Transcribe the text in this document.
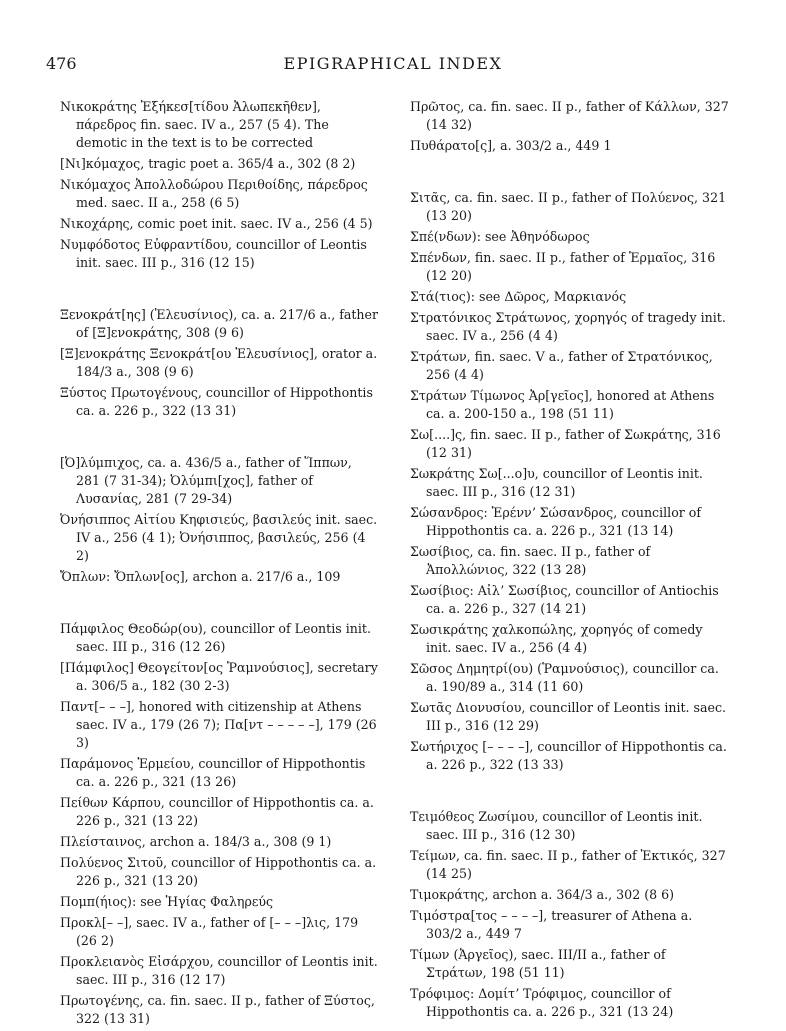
476	EPIGRAPHICAL INDEX

Νικοκράτης Ἐξήκεσ[τίδου Ἀλωπεκῆθεν], πάρεδρος fin. saec. IV a., 257 (5 4). The demotic in the text is to be corrected

[Νι]κόμαχος, tragic poet a. 365/4 a., 302 (8 2)

Νικόμαχος Ἀπολλοδώρου Περιθοίδης, πάρεδρος med. saec. II a., 258 (6 5)

Νικοχάρης, comic poet init. saec. IV a., 256 (4 5)

Νυμφόδοτος Εὐφραντίδου, councillor of Leontis init. saec. III p., 316 (12 15)

Ξενοκράτ[ης] (Ἐλευσίνιος), ca. a. 217/6 a., father of [Ξ]ενοκράτης, 308 (9 6)

[Ξ]ενοκράτης Ξενοκράτ[ου Ἐλευσίνιος], orator a. 184/3 a., 308 (9 6)

Ξύστος Πρωτογένους, councillor of Hippothontis ca. a. 226 p., 322 (13 31)

[Ὀ]λύμπιχος, ca. a. 436/5 a., father of Ἵππων, 281 (7 31-34); Ὀλύμπι[χος], father of Λυσανίας, 281 (7 29-34)

Ὀνήσιππος Αἰτίου Κηφισιεύς, βασιλεύς init. saec. IV a., 256 (4 1); Ὀνήσιππος, βασιλεύς, 256 (4 2)

Ὄπλων: Ὄπλων[ος], archon a. 217/6 a., 109

Πάμφιλος Θεοδώρ(ου), councillor of Leontis init. saec. III p., 316 (12 26)

[Πάμφιλος] Θεογείτον[ος Ῥαμνούσιος], secretary a. 306/5 a., 182 (30 2-3)

Παντ[– – –], honored with citizenship at Athens saec. IV a., 179 (26 7); Πα[ντ – – – – –], 179 (26 3)

Παράμονος Ἑρμείου, councillor of Hippothontis ca. a. 226 p., 321 (13 26)

Πείθων Κάρπου, councillor of Hippothontis ca. a. 226 p., 321 (13 22)

Πλείσταινος, archon a. 184/3 a., 308 (9 1)

Πολύενος Σιτοῦ, councillor of Hippothontis ca. a. 226 p., 321 (13 20)

Πομπ(ήιος): see Ἡγίας Φαληρεύς

Προκλ[– –], saec. IV a., father of [– – –]λις, 179 (26 2)

Προκλειανὸς Εἰσάρχου, councillor of Leontis init. saec. III p., 316 (12 17)

Πρωτογένης, ca. fin. saec. II p., father of Ξύστος, 322 (13 31)

Πρῶτος, ca. fin. saec. II p., father of Κάλλων, 327 (14 32)

Πυθάρατο[ς], a. 303/2 a., 449 1

Σιτᾶς, ca. fin. saec. II p., father of Πολύενος, 321 (13 20)

Σπέ(νδων): see Ἀθηνόδωρος

Σπένδων, fin. saec. II p., father of Ἑρμαῖος, 316 (12 20)

Στά(τιος): see Δῶρος, Μαρκιανός

Στρατόνικος Στράτωνος, χορηγός of tragedy init. saec. IV a., 256 (4 4)

Στράτων, fin. saec. V a., father of Στρατόνικος, 256 (4 4)

Στράτων Τίμωνος Ἀρ[γεῖος], honored at Athens ca. a. 200-150 a., 198 (51 11)

Σω[....]ς, fin. saec. II p., father of Σωκράτης, 316 (12 31)

Σωκράτης Σω[...ο]υ, councillor of Leontis init. saec. III p., 316 (12 31)

Σώσανδρος: Ἑρέννʼ Σώσανδρος, councillor of Hippothontis ca. a. 226 p., 321 (13 14)

Σωσίβιος, ca. fin. saec. II p., father of Ἀπολλώνιος, 322 (13 28)

Σωσίβιος: Αἰλʼ Σωσίβιος, councillor of Antiochis ca. a. 226 p., 327 (14 21)

Σωσικράτης χαλκοπώλης, χορηγός of comedy init. saec. IV a., 256 (4 4)

Σῶσος Δημητρί(ου) (Ῥαμνούσιος), councillor ca. a. 190/89 a., 314 (11 60)

Σωτᾶς Διονυσίου, councillor of Leontis init. saec. III p., 316 (12 29)

Σωτήριχος [– – – –], councillor of Hippothontis ca. a. 226 p., 322 (13 33)

Τειμόθεος Ζωσίμου, councillor of Leontis init. saec. III p., 316 (12 30)

Τείμων, ca. fin. saec. II p., father of Ἐκτικός, 327 (14 25)

Τιμοκράτης, archon a. 364/3 a., 302 (8 6)

Τιμόστρα[τος – – – –], treasurer of Athena a. 303/2 a., 449 7

Τίμων (Ἀργεῖος), saec. III/II a., father of Στράτων, 198 (51 11)

Τρόφιμος: Δομίτʼ Τρόφιμος, councillor of Hippothontis ca. a. 226 p., 321 (13 24)
